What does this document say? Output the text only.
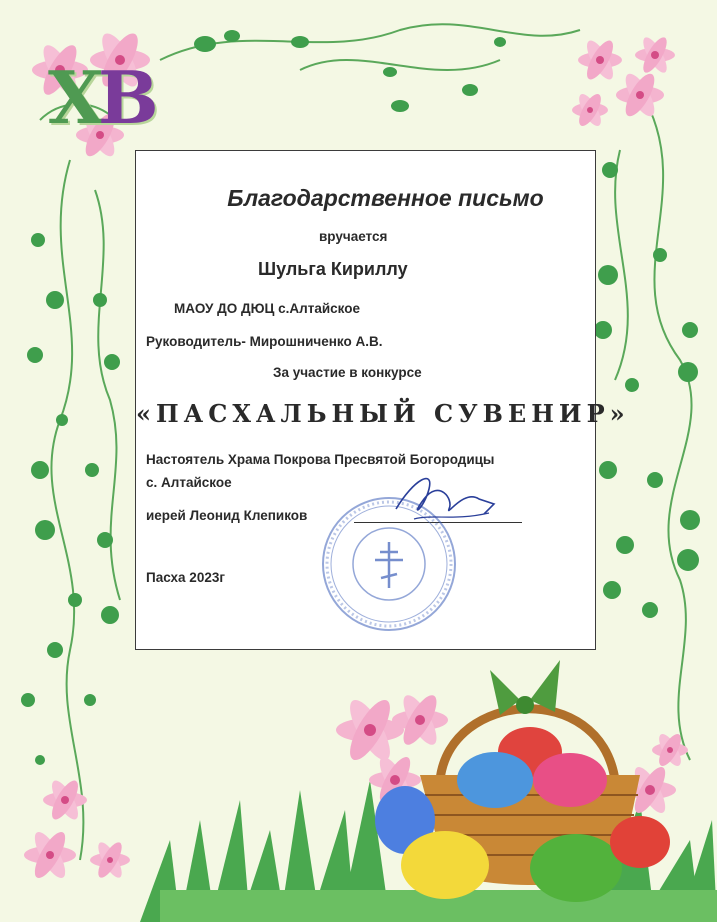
ХВ
Благодарственное письмо
вручается
Шульга Кириллу
МАОУ ДО ДЮЦ с.Алтайское
Руководитель- Мирошниченко А.В.
За участие в конкурсе
«ПАСХАЛЬНЫЙ СУВЕНИР»
Настоятель Храма Покрова Пресвятой Богородицы
с. Алтайское
иерей Леонид Клепиков
Пасха 2023г
